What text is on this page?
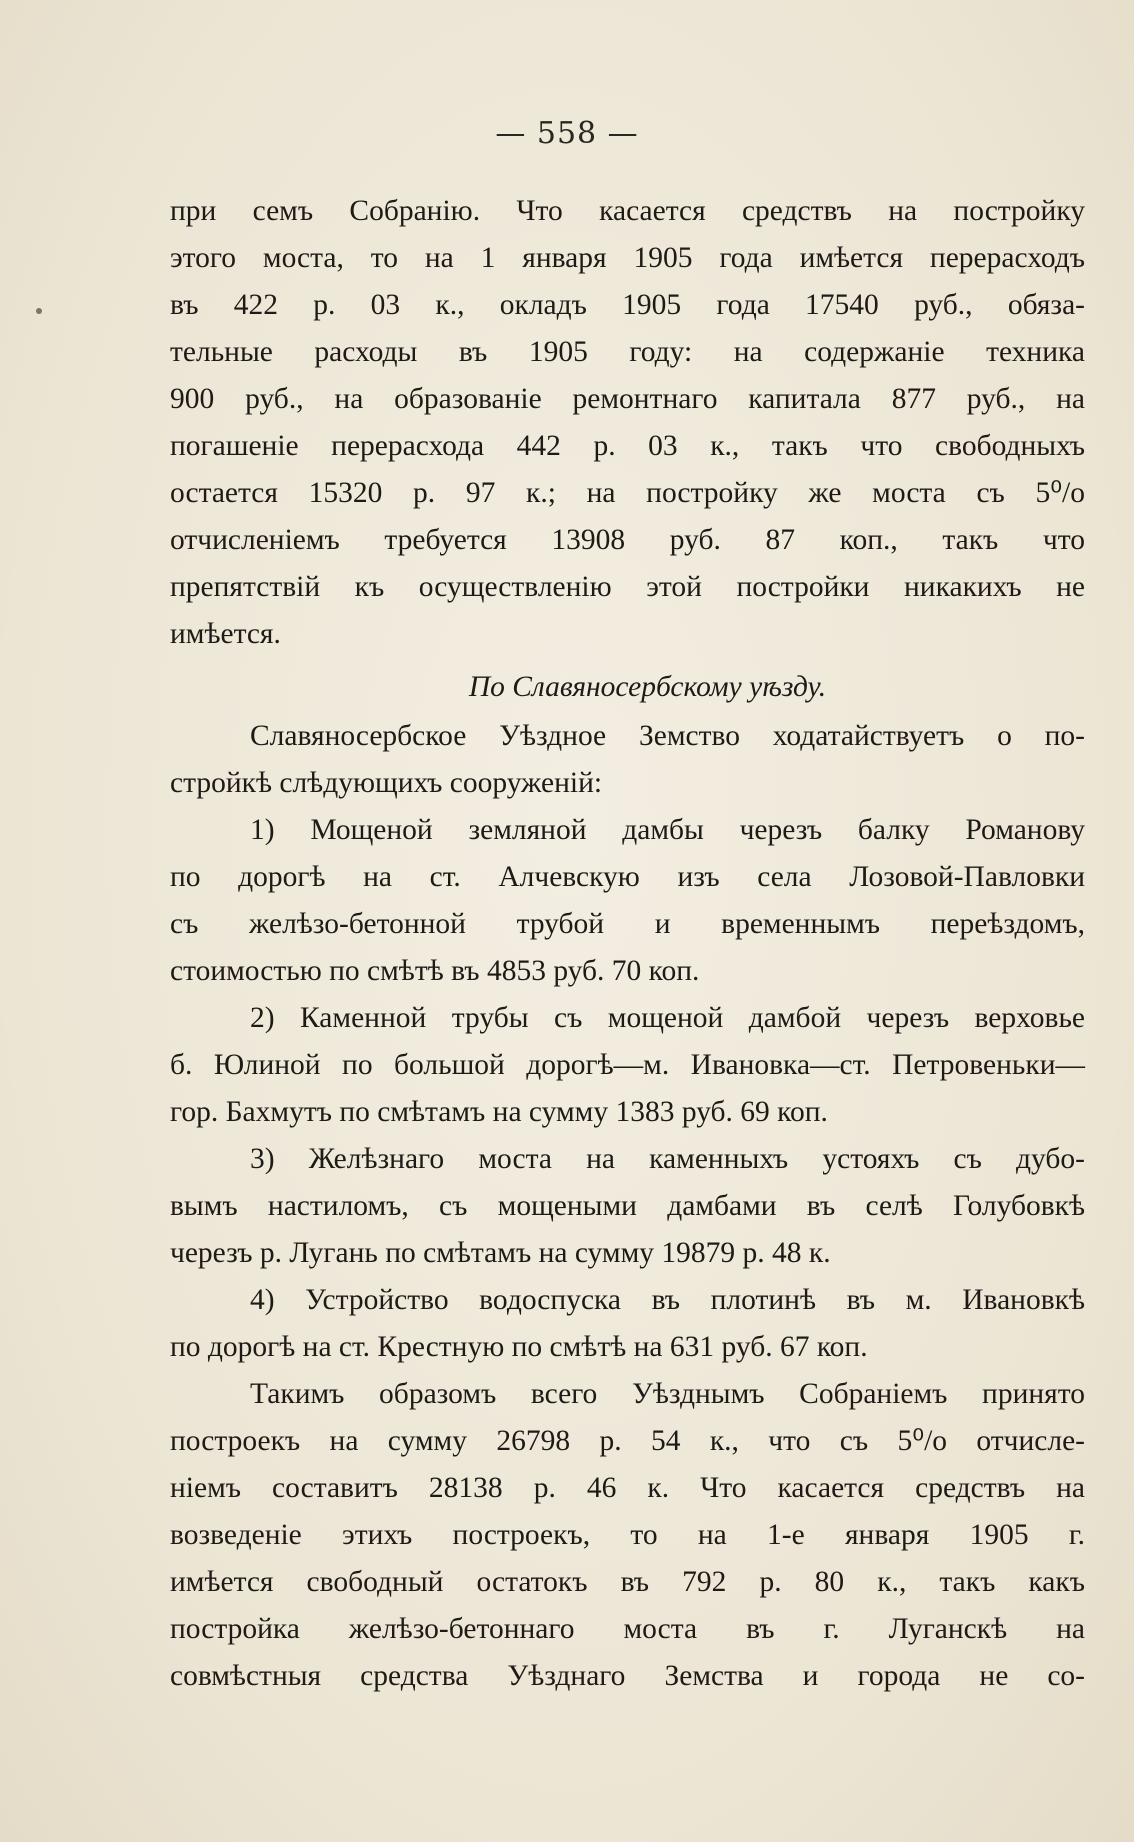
— 558 —
при семъ Собранію. Что касается средствъ на постройку
этого моста, то на 1 января 1905 года имѣется перерасходъ
въ 422 р. 03 к., окладъ 1905 года 17540 руб., обяза-
тельные расходы въ 1905 году: на содержаніе техника
900 руб., на образованіе ремонтнаго капитала 877 руб., на
погашеніе перерасхода 442 р. 03 к., такъ что свободныхъ
остается 15320 р. 97 к.; на постройку же моста съ 5⁰/о
отчисленіемъ требуется 13908 руб. 87 коп., такъ что
препятствій къ осуществленію этой постройки никакихъ не
имѣется.
По Славяносербскому уѣзду.
Славяносербское Уѣздное Земство ходатайствуетъ о по-
стройкѣ слѣдующихъ сооруженій:
1) Мощеной земляной дамбы черезъ балку Романову
по дорогѣ на ст. Алчевскую изъ села Лозовой-Павловки
съ желѣзо-бетонной трубой и временнымъ переѣздомъ,
стоимостью по смѣтѣ въ 4853 руб. 70 коп.
2) Каменной трубы съ мощеной дамбой черезъ верховье
б. Юлиной по большой дорогѣ—м. Ивановка—ст. Петровеньки—
гор. Бахмутъ по смѣтамъ на сумму 1383 руб. 69 коп.
3) Желѣзнаго моста на каменныхъ устояхъ съ дубо-
вымъ настиломъ, съ мощеными дамбами въ селѣ Голубовкѣ
черезъ р. Лугань по смѣтамъ на сумму 19879 р. 48 к.
4) Устройство водоспуска въ плотинѣ въ м. Ивановкѣ
по дорогѣ на ст. Крестную по смѣтѣ на 631 руб. 67 коп.
Такимъ образомъ всего Уѣзднымъ Собраніемъ принято
построекъ на сумму 26798 р. 54 к., что съ 5⁰/о отчисле-
ніемъ составитъ 28138 р. 46 к. Что касается средствъ на
возведеніе этихъ построекъ, то на 1-е января 1905 г.
имѣется свободный остатокъ въ 792 р. 80 к., такъ какъ
постройка желѣзо-бетоннаго моста въ г. Луганскѣ на
совмѣстныя средства Уѣзднаго Земства и города не со-
